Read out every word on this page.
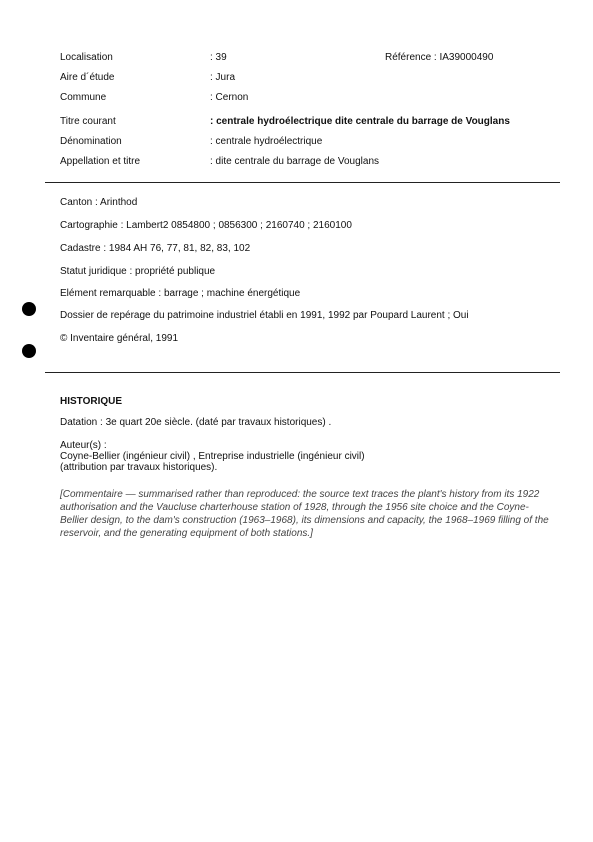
Localisation	: 39	Référence : IA39000490
Aire d´étude	: Jura
Commune	: Cernon
Titre courant	: centrale hydroélectrique dite centrale du barrage de Vouglans
Dénomination	: centrale hydroélectrique
Appellation et titre	: dite centrale du barrage de Vouglans
Canton : Arinthod
Cartographie : Lambert2 0854800 ; 0856300 ; 2160740 ; 2160100
Cadastre : 1984 AH 76, 77, 81, 82, 83, 102
Statut juridique : propriété publique
Elément remarquable : barrage ; machine énergétique
Dossier de repérage du patrimoine industriel établi en 1991, 1992 par Poupard Laurent ; Oui
© Inventaire général, 1991
HISTORIQUE
Datation : 3e quart 20e siècle. (daté par travaux historiques) .
Auteur(s) :
Coyne-Bellier (ingénieur civil) , Entreprise industrielle (ingénieur civil)
(attribution par travaux historiques).
[Commentaire — summarised rather than reproduced: the source text traces the plant's history from its 1922 authorisation and the Vaucluse charterhouse station of 1928, through the 1956 site choice and the Coyne-Bellier design, to the dam's construction (1963–1968), its dimensions and capacity, the 1968–1969 filling of the reservoir, and the generating equipment of both stations.]
